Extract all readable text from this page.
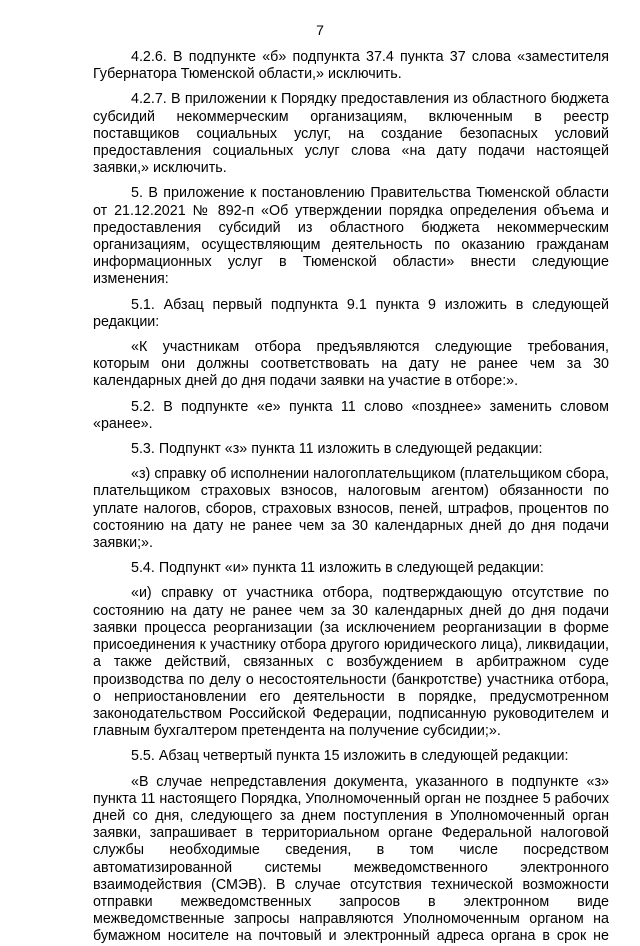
7

4.2.6. В подпункте «б» подпункта 37.4 пункта 37 слова «заместителя Губернатора Тюменской области,» исключить.

4.2.7. В приложении к Порядку предоставления из областного бюджета субсидий некоммерческим организациям, включенным в реестр поставщиков социальных услуг, на создание безопасных условий предоставления социальных услуг слова «на дату подачи настоящей заявки,» исключить.

5. В приложение к постановлению Правительства Тюменской области от 21.12.2021 № 892-п «Об утверждении порядка определения объема и предоставления субсидий из областного бюджета некоммерческим организациям, осуществляющим деятельность по оказанию гражданам информационных услуг в Тюменской области» внести следующие изменения:

5.1. Абзац первый подпункта 9.1 пункта 9 изложить в следующей редакции:

«К участникам отбора предъявляются следующие требования, которым они должны соответствовать на дату не ранее чем за 30 календарных дней до дня подачи заявки на участие в отборе:».

5.2. В подпункте «е» пункта 11 слово «позднее» заменить словом «ранее».

5.3. Подпункт «з» пункта 11 изложить в следующей редакции:

«з) справку об исполнении налогоплательщиком (плательщиком сбора, плательщиком страховых взносов, налоговым агентом) обязанности по уплате налогов, сборов, страховых взносов, пеней, штрафов, процентов по состоянию на дату не ранее чем за 30 календарных дней до дня подачи заявки;».

5.4. Подпункт «и» пункта 11 изложить в следующей редакции:

«и) справку от участника отбора, подтверждающую отсутствие по состоянию на дату не ранее чем за 30 календарных дней до дня подачи заявки процесса реорганизации (за исключением реорганизации в форме присоединения к участнику отбора другого юридического лица), ликвидации, а также действий, связанных с возбуждением в арбитражном суде производства по делу о несостоятельности (банкротстве) участника отбора, о неприостановлении его деятельности в порядке, предусмотренном законодательством Российской Федерации, подписанную руководителем и главным бухгалтером претендента на получение субсидии;».

5.5. Абзац четвертый пункта 15 изложить в следующей редакции:

«В случае непредставления документа, указанного в подпункте «з» пункта 11 настоящего Порядка, Уполномоченный орган не позднее 5 рабочих дней со дня, следующего за днем поступления в Уполномоченный орган заявки, запрашивает в территориальном органе Федеральной налоговой службы необходимые сведения, в том числе посредством автоматизированной системы межведомственного электронного взаимодействия (СМЭВ). В случае отсутствия технической возможности отправки межведомственных запросов в электронном виде межведомственные запросы направляются Уполномоченным органом на бумажном носителе на почтовый и электронный адреса органа в срок не
